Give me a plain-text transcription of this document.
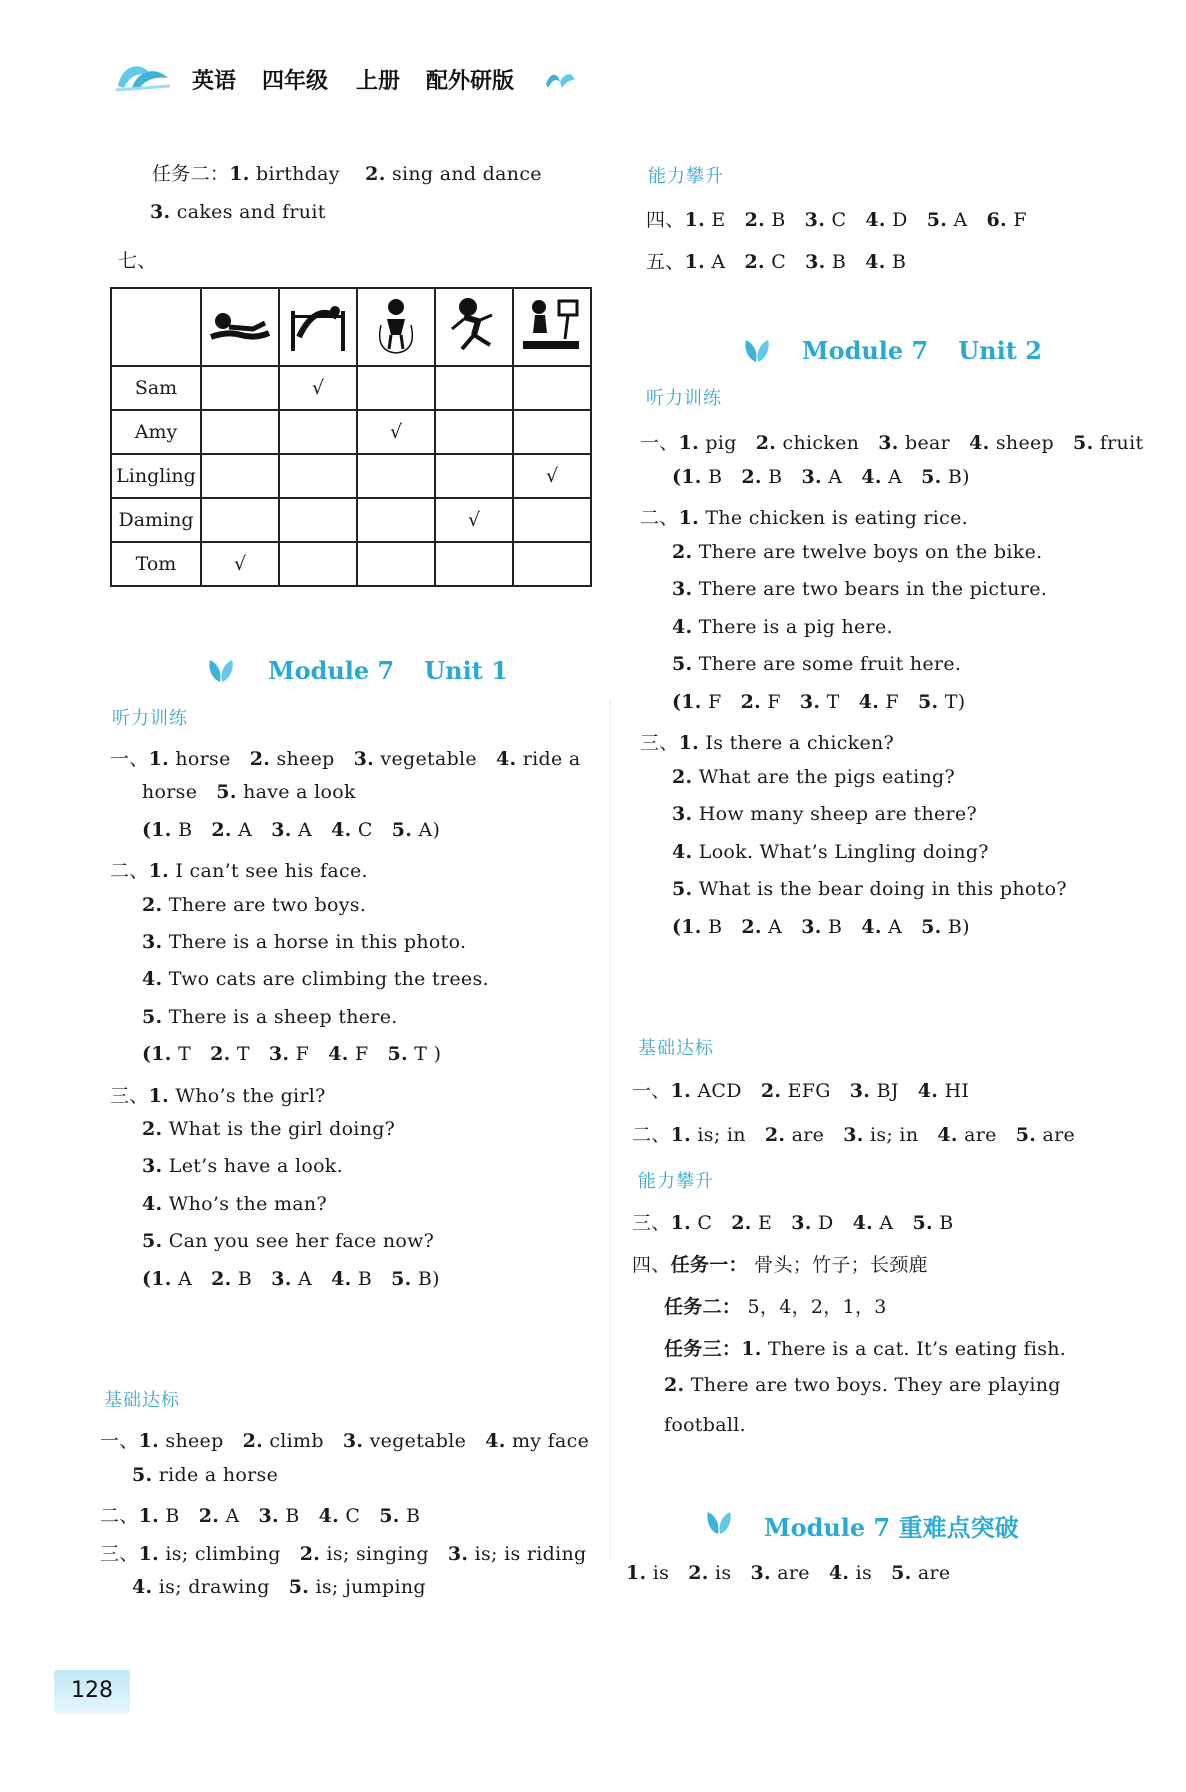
英语 四年级 上册 配外研版
任务二：1. birthday 2. sing and dance
3. cakes and fruit
七、

Sam		√			
Amy			√		
Lingling					√
Daming				√	
Tom	√				
Module 7 Unit 1
听力训练
一、1. horse 2. sheep 3. vegetable 4. ride a
horse 5. have a look
(1. B 2. A 3. A 4. C 5. A)
二、1. I can’t see his face.
2. There are two boys.
3. There is a horse in this photo.
4. Two cats are climbing the trees.
5. There is a sheep there.
(1. T 2. T 3. F 4. F 5. T )
三、1. Who’s the girl?
2. What is the girl doing?
3. Let’s have a look.
4. Who’s the man?
5. Can you see her face now?
(1. A 2. B 3. A 4. B 5. B)
基础达标
一、1. sheep 2. climb 3. vegetable 4. my face
5. ride a horse
二、1. B 2. A 3. B 4. C 5. B
三、1. is; climbing 2. is; singing 3. is; is riding
4. is; drawing 5. is; jumping
能力攀升
四、1. E 2. B 3. C 4. D 5. A 6. F
五、1. A 2. C 3. B 4. B
Module 7 Unit 2
听力训练
一、1. pig 2. chicken 3. bear 4. sheep 5. fruit
(1. B 2. B 3. A 4. A 5. B)
二、1. The chicken is eating rice.
2. There are twelve boys on the bike.
3. There are two bears in the picture.
4. There is a pig here.
5. There are some fruit here.
(1. F 2. F 3. T 4. F 5. T)
三、1. Is there a chicken?
2. What are the pigs eating?
3. How many sheep are there?
4. Look. What’s Lingling doing?
5. What is the bear doing in this photo?
(1. B 2. A 3. B 4. A 5. B)
基础达标
一、1. ACD 2. EFG 3. BJ 4. HI
二、1. is; in 2. are 3. is; in 4. are 5. are
能力攀升
三、1. C 2. E 3. D 4. A 5. B
四、任务一： 骨头；竹子；长颈鹿
任务二： 5，4，2，1，3
任务三：1. There is a cat. It’s eating fish.
2. There are two boys. They are playing
football.
Module 7 重难点突破
1. is 2. is 3. are 4. is 5. are
128
